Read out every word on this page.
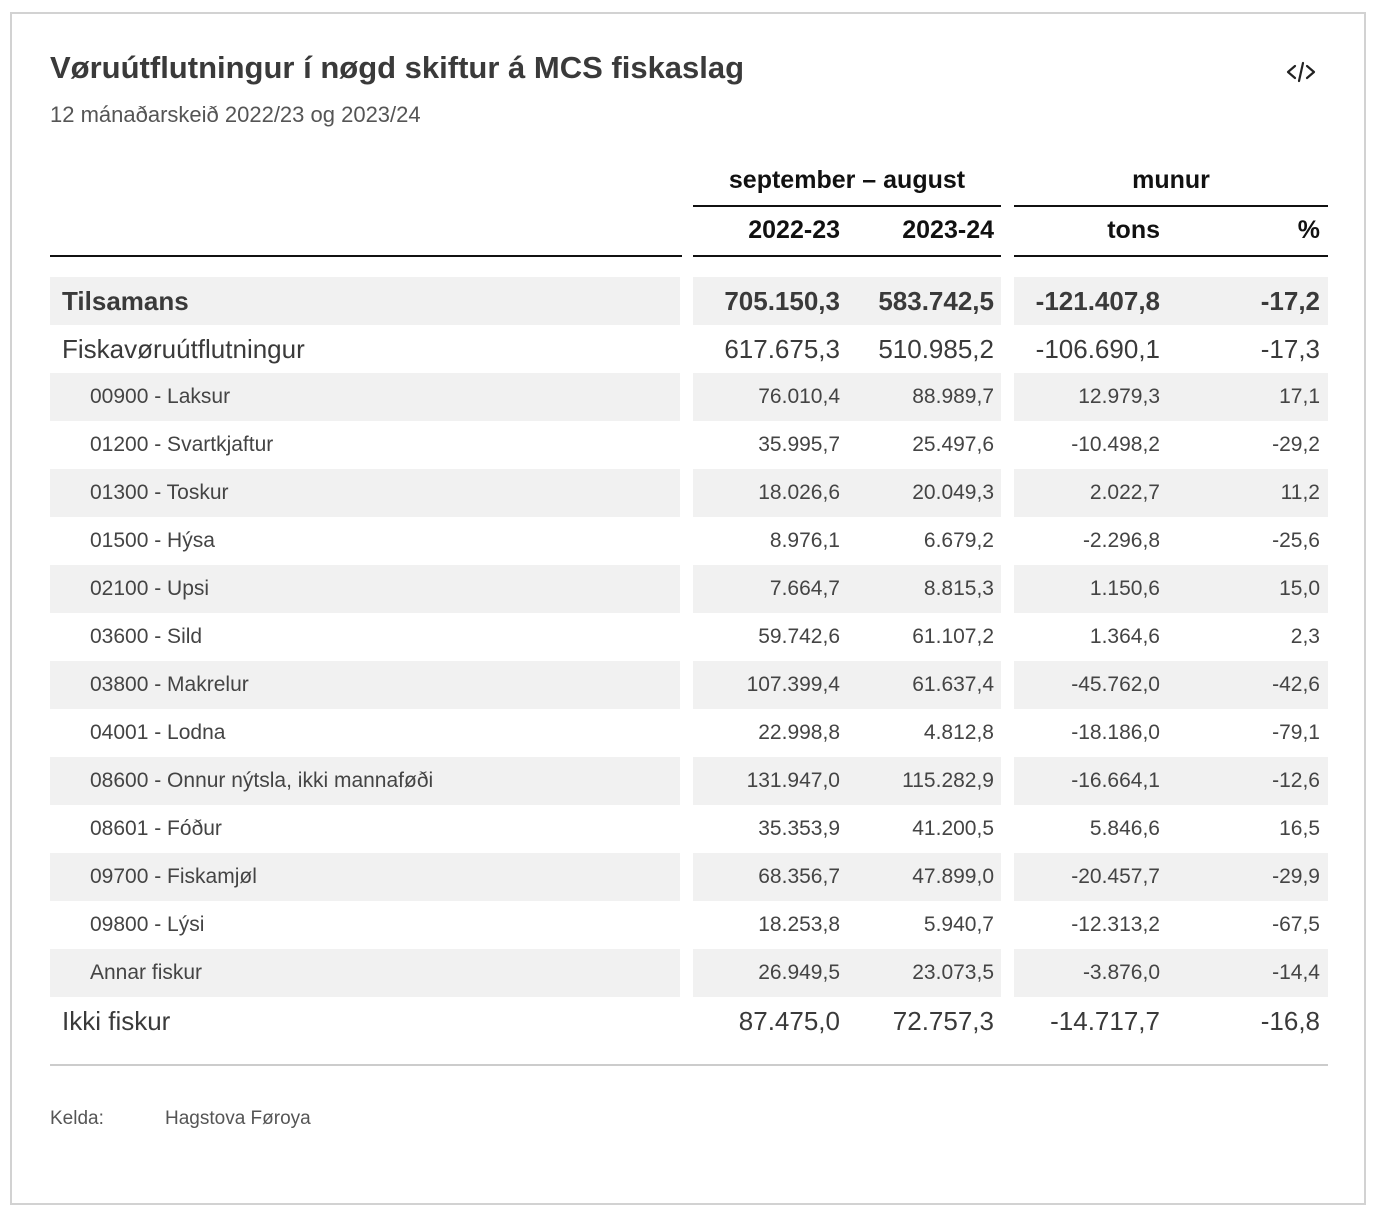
Vøruútflutningur í nøgd skiftur á MCS fiskaslag
12 mánaðarskeið 2022/23 og 2023/24
september – august	munur
2022-23	2023-24	tons	%
Tilsamans	705.150,3	583.742,5	-121.407,8	-17,2
Fiskavøruútflutningur	617.675,3	510.985,2	-106.690,1	-17,3
00900 - Laksur	76.010,4	88.989,7	12.979,3	17,1
01200 - Svartkjaftur	35.995,7	25.497,6	-10.498,2	-29,2
01300 - Toskur	18.026,6	20.049,3	2.022,7	11,2
01500 - Hýsa	8.976,1	6.679,2	-2.296,8	-25,6
02100 - Upsi	7.664,7	8.815,3	1.150,6	15,0
03600 - Sild	59.742,6	61.107,2	1.364,6	2,3
03800 - Makrelur	107.399,4	61.637,4	-45.762,0	-42,6
04001 - Lodna	22.998,8	4.812,8	-18.186,0	-79,1
08600 - Onnur nýtsla, ikki mannaføði	131.947,0	115.282,9	-16.664,1	-12,6
08601 - Fóður	35.353,9	41.200,5	5.846,6	16,5
09700 - Fiskamjøl	68.356,7	47.899,0	-20.457,7	-29,9
09800 - Lýsi	18.253,8	5.940,7	-12.313,2	-67,5
Annar fiskur	26.949,5	23.073,5	-3.876,0	-14,4
Ikki fiskur	87.475,0	72.757,3	-14.717,7	-16,8
Kelda:	Hagstova Føroya
